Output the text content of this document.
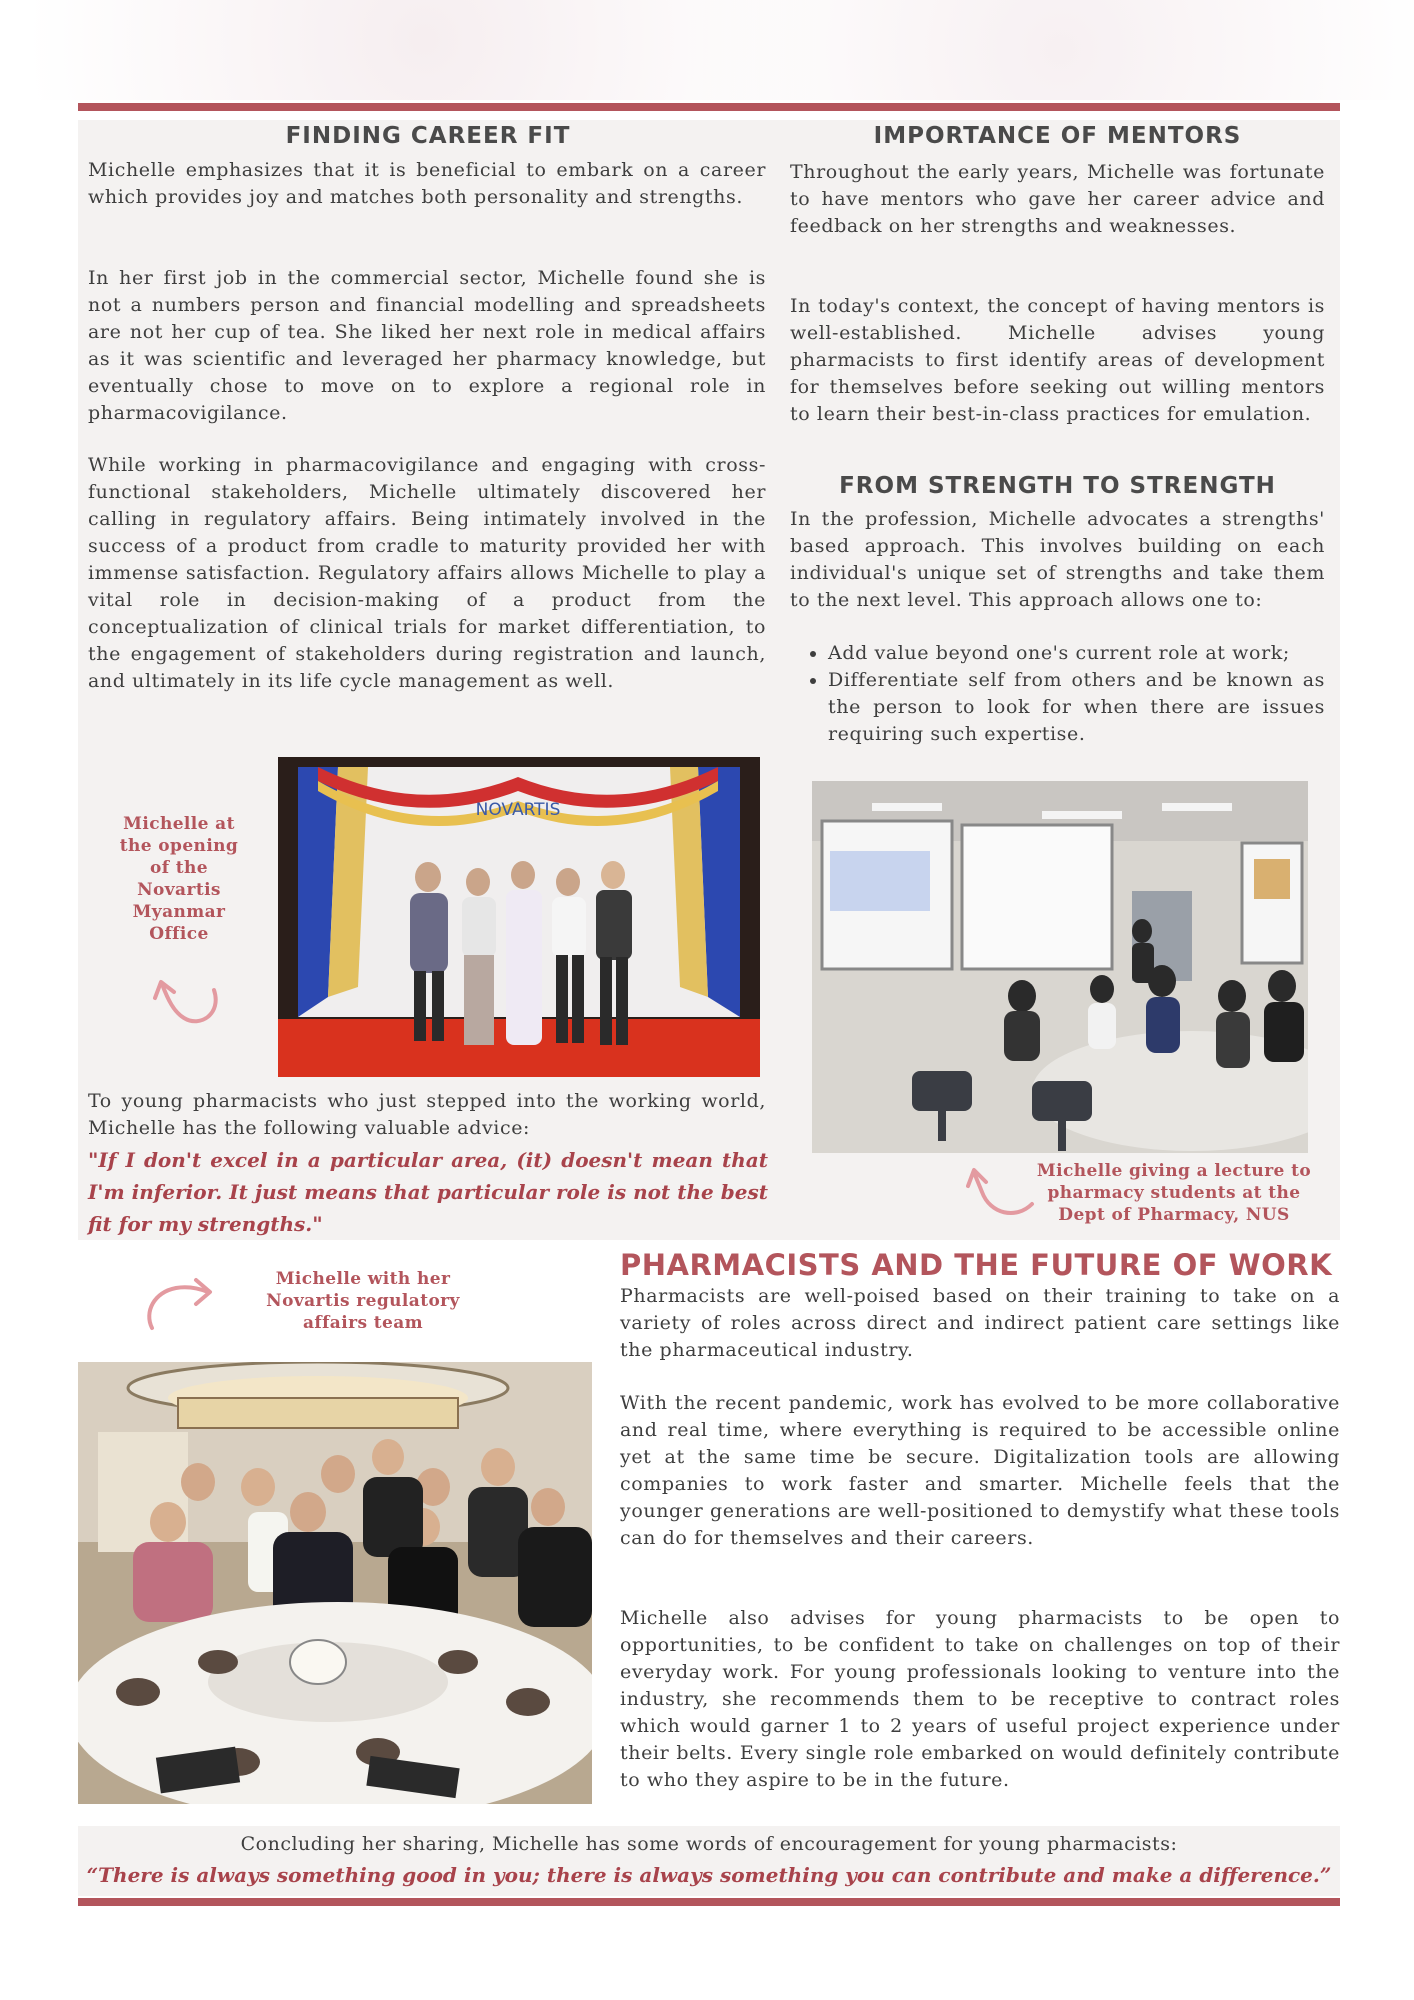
FINDING CAREER FIT

Michelle emphasizes that it is beneficial to embark on a career which provides joy and matches both personality and strengths.

In her first job in the commercial sector, Michelle found she is not a numbers person and financial modelling and spreadsheets are not her cup of tea. She liked her next role in medical affairs as it was scientific and leveraged her pharmacy knowledge, but eventually chose to move on to explore a regional role in pharmacovigilance.

While working in pharmacovigilance and engaging with cross-functional stakeholders, Michelle ultimately discovered her calling in regulatory affairs. Being intimately involved in the success of a product from cradle to maturity provided her with immense satisfaction. Regulatory affairs allows Michelle to play a vital role in decision-making of a product from the conceptualization of clinical trials for market differentiation, to the engagement of stakeholders during registration and launch, and ultimately in its life cycle management as well.

Michelle at the opening of the Novartis Myanmar Office

NOVARTIS

To young pharmacists who just stepped into the working world, Michelle has the following valuable advice:

"If I don't excel in a particular area, (it) doesn't mean that I'm inferior. It just means that particular role is not the best fit for my strengths."

IMPORTANCE OF MENTORS

Throughout the early years, Michelle was fortunate to have mentors who gave her career advice and feedback on her strengths and weaknesses.

In today's context, the concept of having mentors is well-established. Michelle advises young pharmacists to first identify areas of development for themselves before seeking out willing mentors to learn their best-in-class practices for emulation.

FROM STRENGTH TO STRENGTH

In the profession, Michelle advocates a strengths' based approach. This involves building on each individual's unique set of strengths and take them to the next level. This approach allows one to:

• Add value beyond one's current role at work;
• Differentiate self from others and be known as the person to look for when there are issues requiring such expertise.

Michelle giving a lecture to pharmacy students at the Dept of Pharmacy, NUS

Michelle with her Novartis regulatory affairs team

PHARMACISTS AND THE FUTURE OF WORK

Pharmacists are well-poised based on their training to take on a variety of roles across direct and indirect patient care settings like the pharmaceutical industry.

With the recent pandemic, work has evolved to be more collaborative and real time, where everything is required to be accessible online yet at the same time be secure. Digitalization tools are allowing companies to work faster and smarter. Michelle feels that the younger generations are well-positioned to demystify what these tools can do for themselves and their careers.

Michelle also advises for young pharmacists to be open to opportunities, to be confident to take on challenges on top of their everyday work. For young professionals looking to venture into the industry, she recommends them to be receptive to contract roles which would garner 1 to 2 years of useful project experience under their belts. Every single role embarked on would definitely contribute to who they aspire to be in the future.

Concluding her sharing, Michelle has some words of encouragement for young pharmacists:

“There is always something good in you; there is always something you can contribute and make a difference.”
